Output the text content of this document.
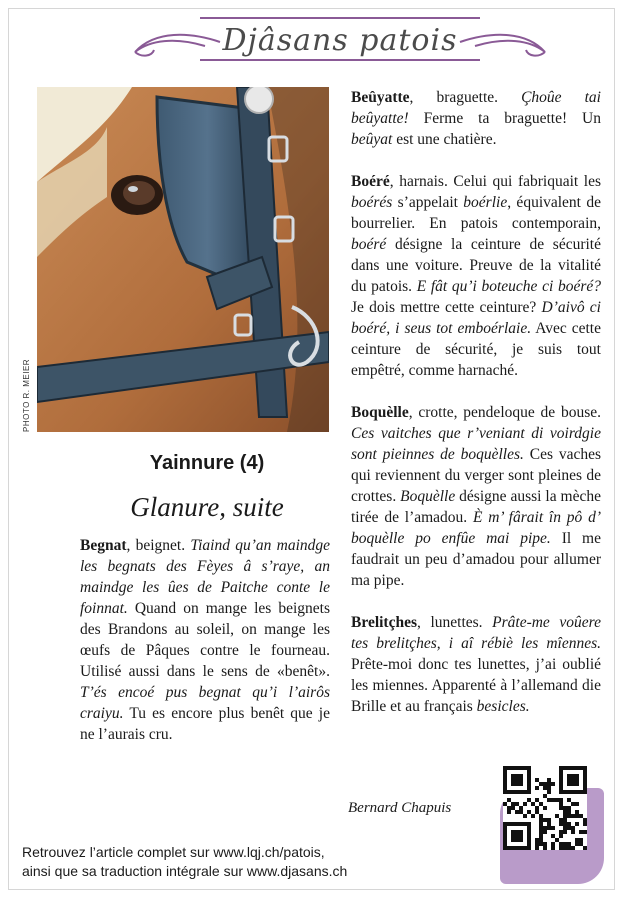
Djâsans patois
PHOTO R. MEIER
Yainnure (4)
Glanure, suite

Begnat, beignet. Tiaind qu’an maindge les begnats des Fèyes â s’raye, an maindge les ûes de Paitche conte le foinnat. Quand on mange les beignets des Brandons au soleil, on mange les œufs de Pâques contre le fourneau. Utilisé aussi dans le sens de «benêt». T’és encoé pus begnat qu’i l’airôs craiyu. Tu es encore plus benêt que je ne l’aurais cru.

Beûyatte, braguette. Çhoûe tai beûyatte! Ferme ta braguette! Un beûyat est une chatière.

Boéré, harnais. Celui qui fabriquait les boérés s’appelait boérlie, équivalent de bourrelier. En patois contemporain, boéré désigne la ceinture de sécurité dans une voiture. Preuve de la vitalité du patois. E fât qu’i boteuche ci boéré? Je dois mettre cette ceinture? D’aivô ci boéré, i seus tot emboérlaie. Avec cette ceinture de sécurité, je suis tout empêtré, comme harnaché.

Boquèlle, crotte, pendeloque de bouse. Ces vaitches que r’veniant di voirdgie sont pieinnes de boquèlles. Ces vaches qui reviennent du verger sont pleines de crottes. Boquèlle désigne aussi la mèche tirée de l’amadou. È m’ fârait în pô d’ boquèlle po enfûe mai pipe. Il me faudrait un peu d’amadou pour allumer ma pipe.

Brelitçhes, lunettes. Prâte-me voûere tes brelitçhes, i aî rébiè les mîennes. Prête-moi donc tes lunettes, j’ai oublié les miennes. Apparenté à l’allemand die Brille et au français besicles.

Bernard Chapuis
Retrouvez l’article complet sur www.lqj.ch/patois,
ainsi que sa traduction intégrale sur www.djasans.ch
